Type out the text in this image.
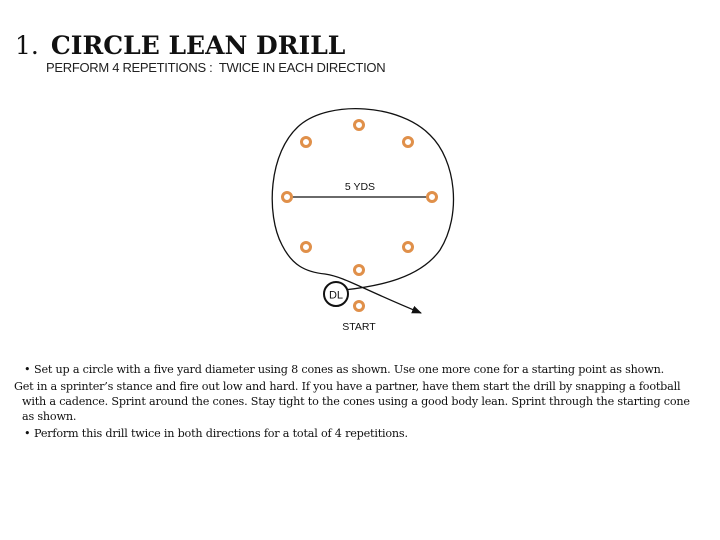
1. CIRCLE LEAN DRILL
PERFORM 4 REPETITIONS :  TWICE IN EACH DIRECTION
5 YDS
DL
START

• Set up a circle with a five yard diameter using 8 cones as shown. Use one more cone for a starting point as shown.

Get in a sprinter’s stance and fire out low and hard. If you have a partner, have them start the drill by snapping a football with a cadence. Sprint around the cones. Stay tight to the cones using a good body lean. Sprint through the starting cone as shown.

• Perform this drill twice in both directions for a total of 4 repetitions.
